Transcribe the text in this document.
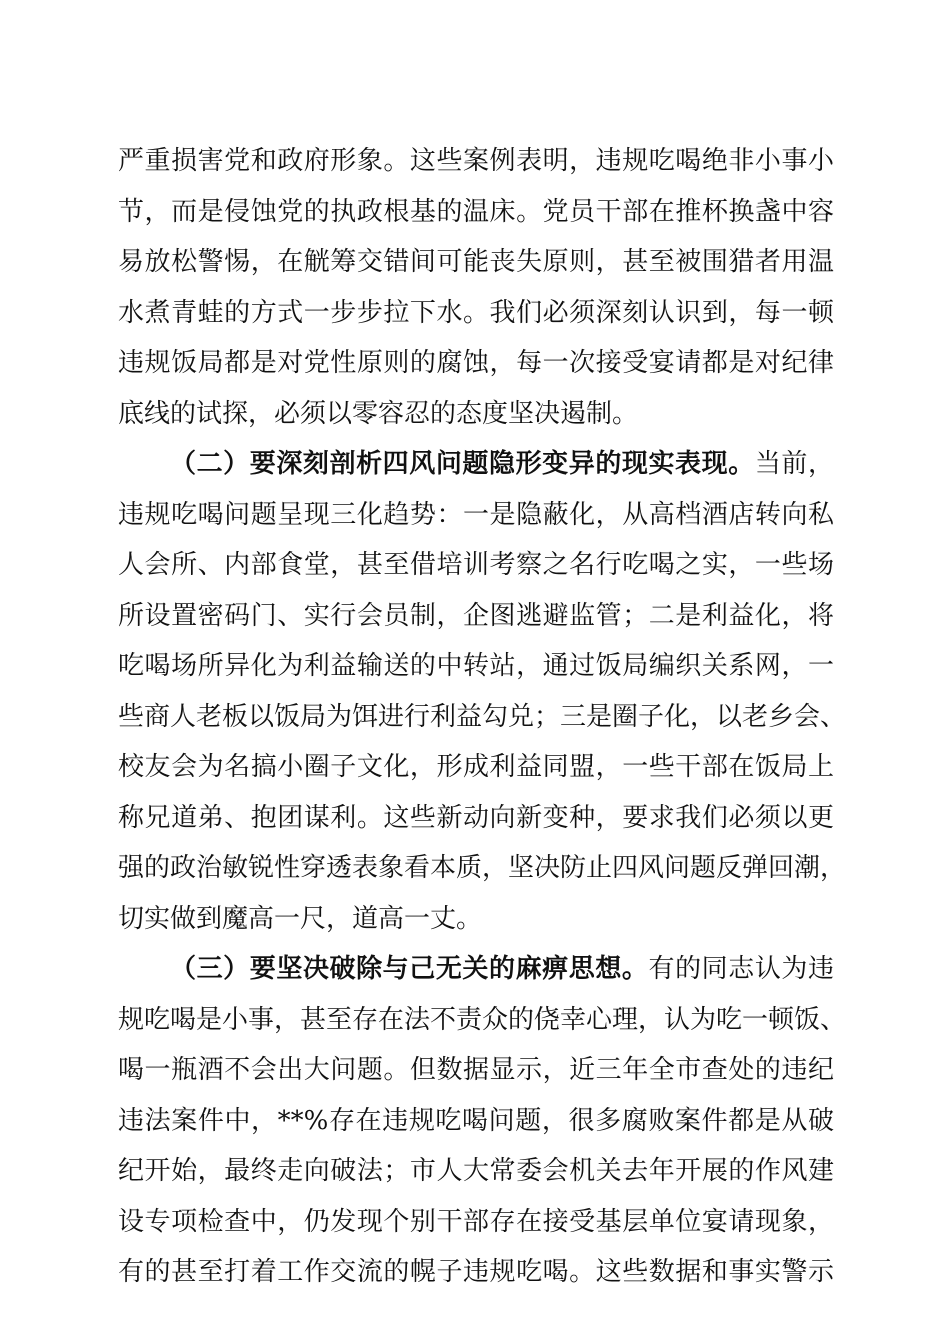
严重损害党和政府形象。这些案例表明，违规吃喝绝非小事小
节，而是侵蚀党的执政根基的温床。党员干部在推杯换盏中容
易放松警惕，在觥筹交错间可能丧失原则，甚至被围猎者用温
水煮青蛙的方式一步步拉下水。我们必须深刻认识到，每一顿
违规饭局都是对党性原则的腐蚀，每一次接受宴请都是对纪律
底线的试探，必须以零容忍的态度坚决遏制。
（二）要深刻剖析四风问题隐形变异的现实表现。当前，
违规吃喝问题呈现三化趋势：一是隐蔽化，从高档酒店转向私
人会所、内部食堂，甚至借培训考察之名行吃喝之实，一些场
所设置密码门、实行会员制，企图逃避监管；二是利益化，将
吃喝场所异化为利益输送的中转站，通过饭局编织关系网，一
些商人老板以饭局为饵进行利益勾兑；三是圈子化，以老乡会、
校友会为名搞小圈子文化，形成利益同盟，一些干部在饭局上
称兄道弟、抱团谋利。这些新动向新变种，要求我们必须以更
强的政治敏锐性穿透表象看本质，坚决防止四风问题反弹回潮，
切实做到魔高一尺，道高一丈。
（三）要坚决破除与己无关的麻痹思想。有的同志认为违
规吃喝是小事，甚至存在法不责众的侥幸心理，认为吃一顿饭、
喝一瓶酒不会出大问题。但数据显示，近三年全市查处的违纪
违法案件中，**%存在违规吃喝问题，很多腐败案件都是从破
纪开始，最终走向破法；市人大常委会机关去年开展的作风建
设专项检查中，仍发现个别干部存在接受基层单位宴请现象，
有的甚至打着工作交流的幌子违规吃喝。这些数据和事实警示
